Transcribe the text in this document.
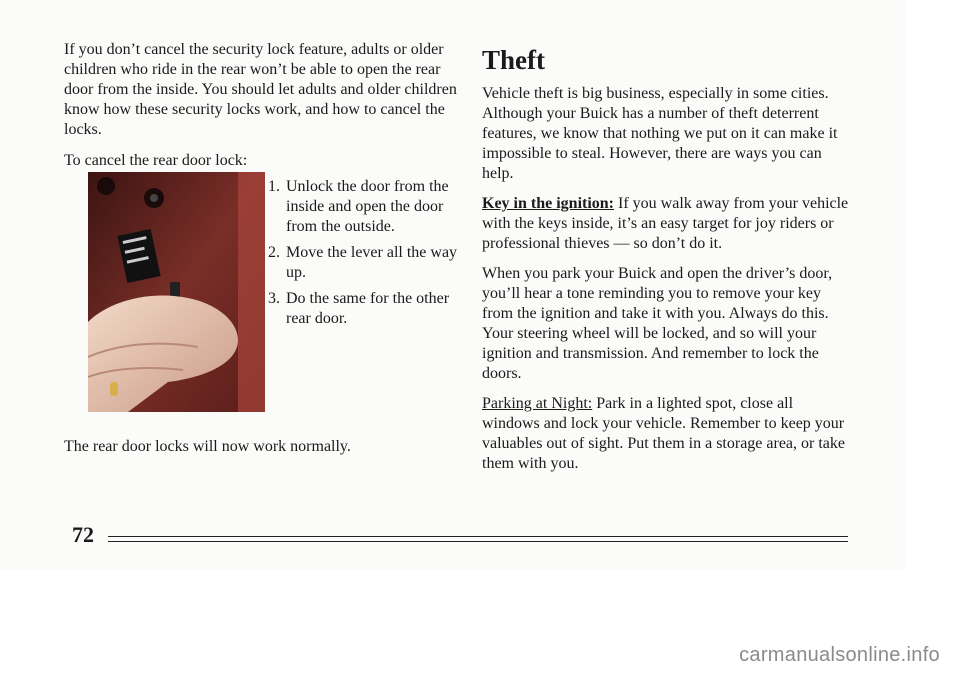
If you don’t cancel the security lock feature, adults or older children who ride in the rear won’t be able to open the rear door from the inside. You should let adults and older children know how these security locks work, and how to cancel the locks.

To cancel the rear door lock:

1. Unlock the door from the inside and open the door from the outside.
2. Move the lever all the way up.
3. Do the same for the other rear door.
The rear door locks will now work normally.
Theft

Vehicle theft is big business, especially in some cities. Although your Buick has a number of theft deterrent features, we know that nothing we put on it can make it impossible to steal. However, there are ways you can help.

Key in the ignition: If you walk away from your vehicle with the keys inside, it’s an easy target for joy riders or professional thieves — so don’t do it.

When you park your Buick and open the driver’s door, you’ll hear a tone reminding you to remove your key from the ignition and take it with you. Always do this. Your steering wheel will be locked, and so will your ignition and transmission. And remember to lock the doors.

Parking at Night: Park in a lighted spot, close all windows and lock your vehicle. Remember to keep your valuables out of sight. Put them in a storage area, or take them with you.

72
carmanualsonline.info
